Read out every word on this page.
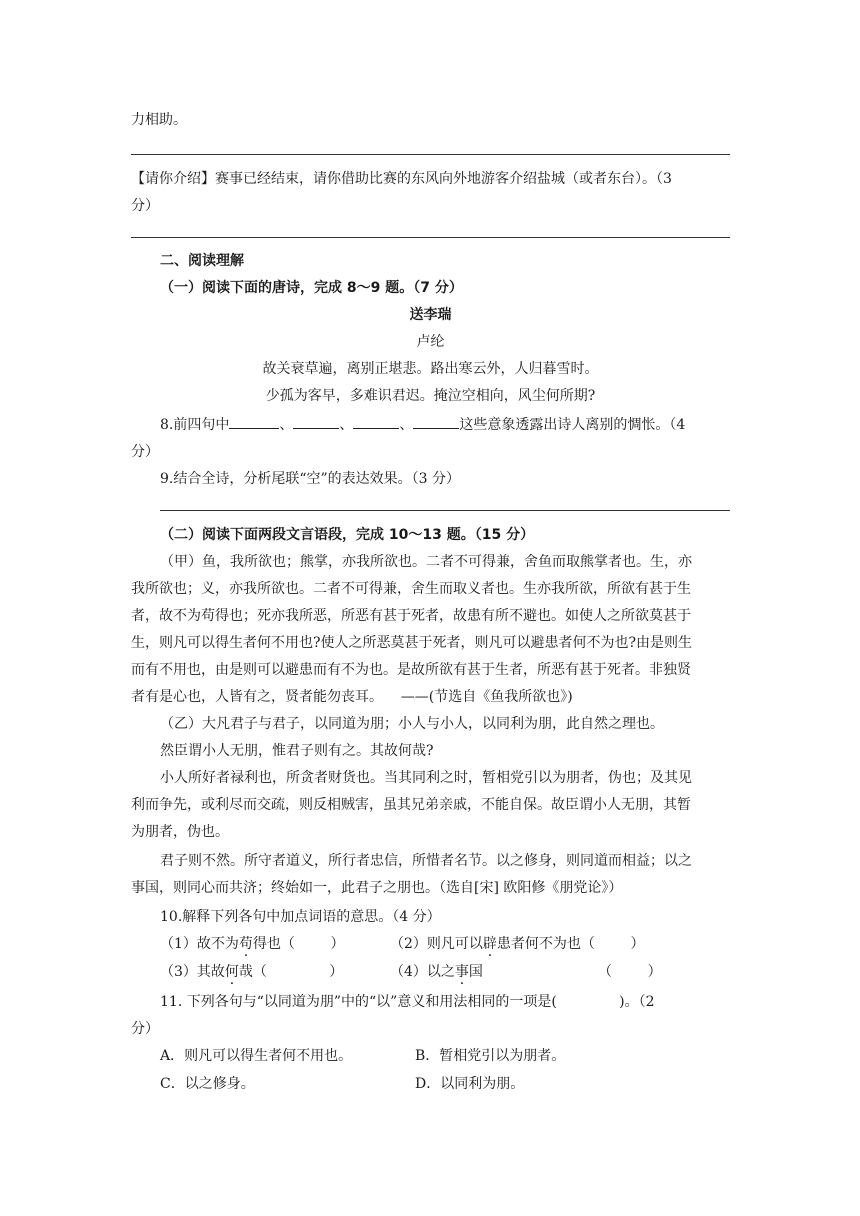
力相助。
【请你介绍】赛事已经结束，请你借助比赛的东风向外地游客介绍盐城（或者东台）。（3
分）
二、阅读理解
（一）阅读下面的唐诗，完成 8～9 题。（7 分）
送李瑞
卢纶
故关衰草遍，离别正堪悲。路出寒云外，人归暮雪时。
少孤为客早，多难识君迟。掩泣空相向，风尘何所期?
8.前四句中	、	、	、	这些意象透露出诗人离别的惆怅。（4
分）
9.结合全诗，分析尾联“空”的表达效果。（3 分）
（二）阅读下面两段文言语段，完成 10～13 题。（15 分）
（甲）鱼，我所欲也；熊掌，亦我所欲也。二者不可得兼，舍鱼而取熊掌者也。生，亦
我所欲也；义，亦我所欲也。二者不可得兼，舍生而取义者也。生亦我所欲，所欲有甚于生
者，故不为苟得也；死亦我所恶，所恶有甚于死者，故患有所不避也。如使人之所欲莫甚于
生，则凡可以得生者何不用也?使人之所恶莫甚于死者，则凡可以避患者何不为也?由是则生
而有不用也，由是则可以避患而有不为也。是故所欲有甚于生者，所恶有甚于死者。非独贤
者有是心也，人皆有之，贤者能勿丧耳。    ——(节选自《鱼我所欲也》)
（乙）大凡君子与君子，以同道为朋；小人与小人，以同利为朋，此自然之理也。
然臣谓小人无朋，惟君子则有之。其故何哉?
小人所好者禄利也，所贪者财货也。当其同利之时，暂相党引以为朋者，伪也；及其见
利而争先，或利尽而交疏，则反相贼害，虽其兄弟亲戚，不能自保。故臣谓小人无朋，其暂
为朋者，伪也。
君子则不然。所守者道义，所行者忠信，所惜者名节。以之修身，则同道而相益；以之
事国，则同心而共济；终始如一，此君子之朋也。（选自[宋] 欧阳修《朋党论》）
10.解释下列各句中加点词语的意思。（4 分）
（1）故不为苟得也（        ）	（2）则凡可以辟患者何不为也（        ）
（3）其故何哉（              ）	（4）以之事国	（        ）
11. 下列各句与“以同道为朋”中的“以”意义和用法相同的一项是(              )。（2
分）
A．则凡可以得生者何不用也。	B．暂相党引以为朋者。
C．以之修身。	D．以同利为朋。
